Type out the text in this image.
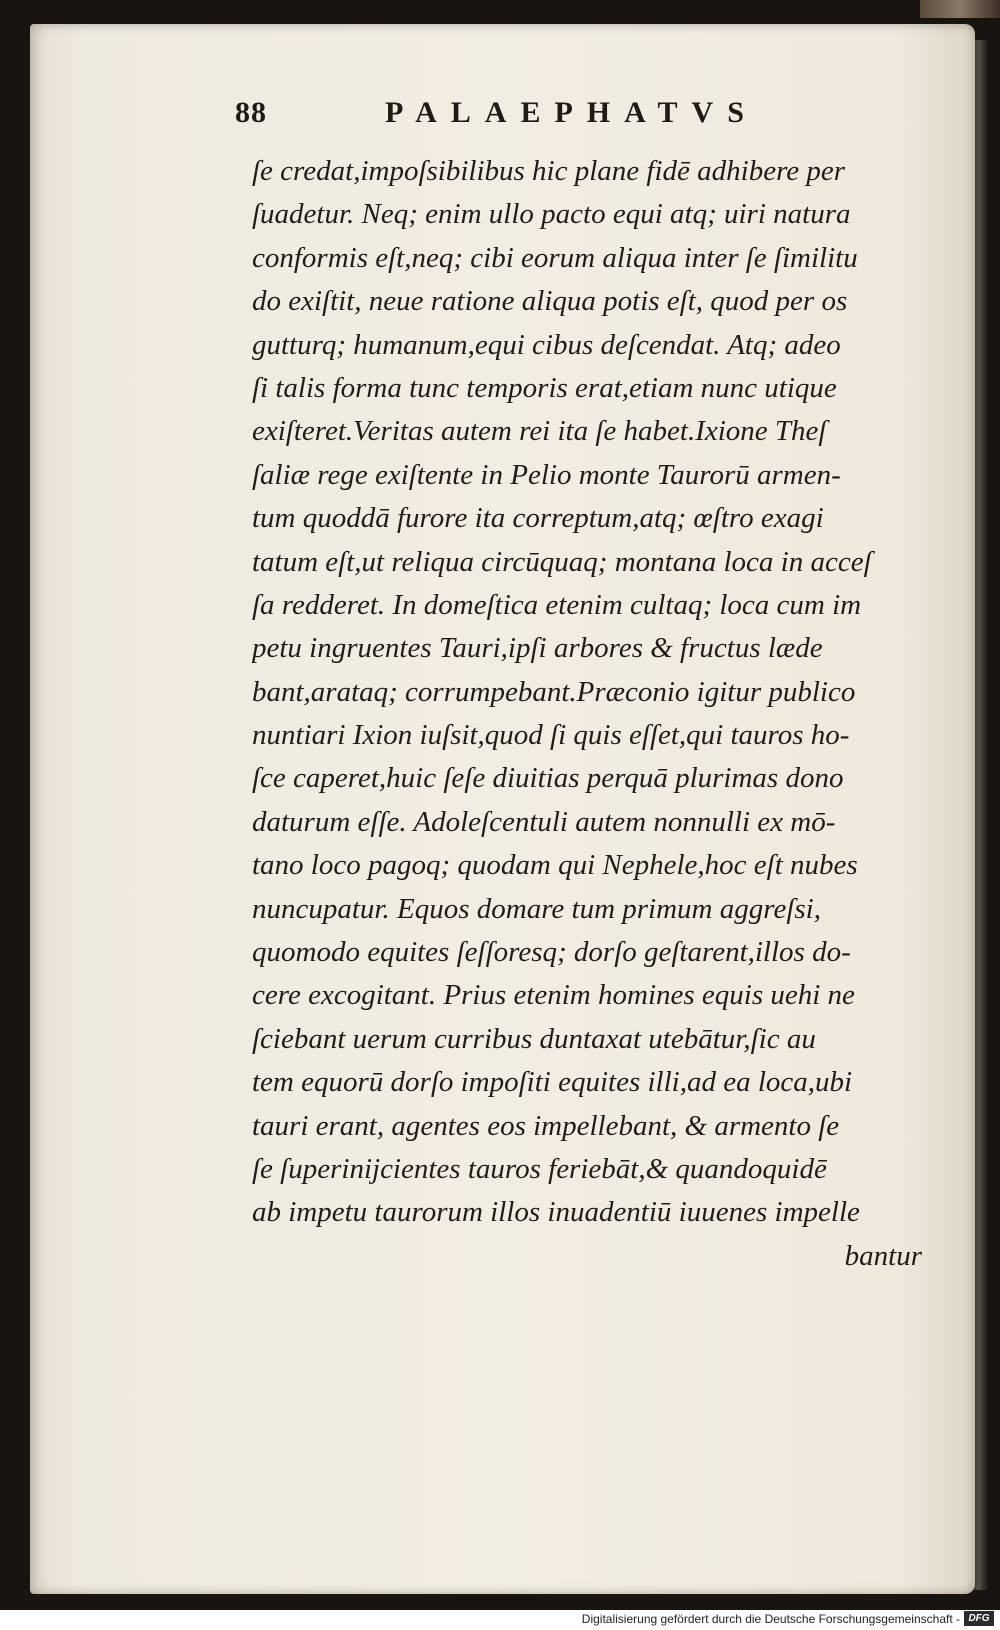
88	PALAEPHATVS
ſe credat,impoſsibilibus hic plane fidē adhibere per
ſuadetur. Neq; enim ullo pacto equi atq; uiri natura
conformis eſt,neq; cibi eorum aliqua inter ſe ſimilitu
do exiſtit, neue ratione aliqua potis eſt, quod per os
gutturq; humanum,equi cibus deſcendat. Atq; adeo
ſi talis forma tunc temporis erat,etiam nunc utique
exiſteret.Veritas autem rei ita ſe habet.Ixione Theſ
ſaliæ rege exiſtente in Pelio monte Taurorū armen-
tum quoddā furore ita correptum,atq; œſtro exagi
tatum eſt,ut reliqua circūquaq; montana loca in acceſ
ſa redderet. In domeſtica etenim cultaq; loca cum im
petu ingruentes Tauri,ipſi arbores & fructus læde
bant,arataq; corrumpebant.Præconio igitur publico
nuntiari Ixion iuſsit,quod ſi quis eſſet,qui tauros ho-
ſce caperet,huic ſeſe diuitias perquā plurimas dono
daturum eſſe. Adoleſcentuli autem nonnulli ex mō-
tano loco pagoq; quodam qui Nephele,hoc eſt nubes
nuncupatur. Equos domare tum primum aggreſsi,
quomodo equites ſeſſoresq; dorſo geſtarent,illos do-
cere excogitant. Prius etenim homines equis uehi ne
ſciebant uerum curribus duntaxat utebātur,ſic au
tem equorū dorſo impoſiti equites illi,ad ea loca,ubi
tauri erant, agentes eos impellebant, & armento ſe
ſe ſuperinijcientes tauros feriebāt,& quandoquidē
ab impetu taurorum illos inuadentiū iuuenes impelle
bantur
Digitalisierung gefördert durch die Deutsche Forschungsgemeinschaft - DFG
